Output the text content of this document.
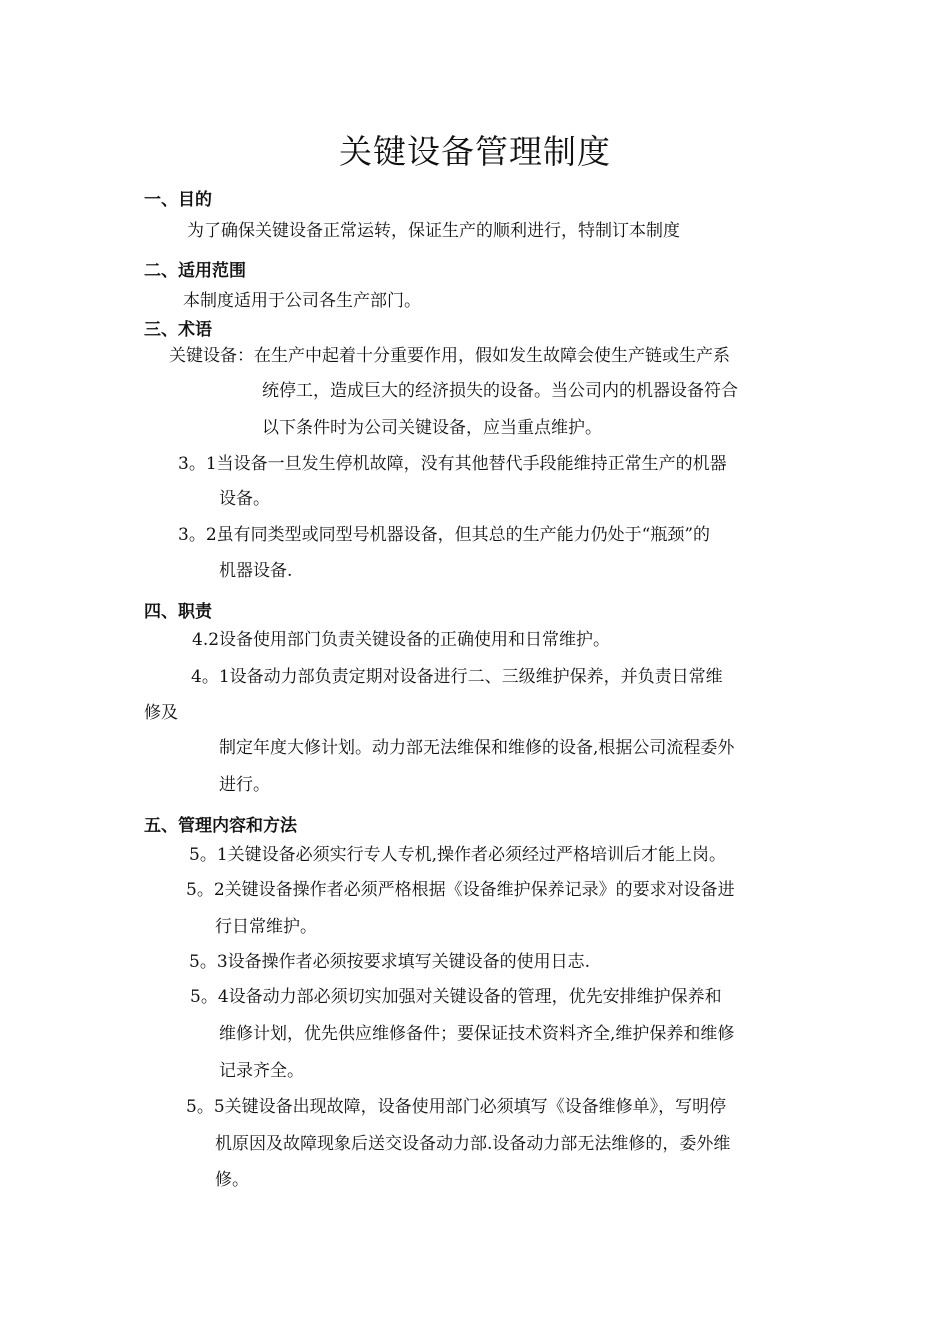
关键设备管理制度
一、目的
为了确保关键设备正常运转，保证生产的顺利进行，特制订本制度
二、适用范围
本制度适用于公司各生产部门。
三、术语
关键设备：在生产中起着十分重要作用，假如发生故障会使生产链或生产系
统停工，造成巨大的经济损失的设备。当公司内的机器设备符合
以下条件时为公司关键设备，应当重点维护。
3。1当设备一旦发生停机故障，没有其他替代手段能维持正常生产的机器
设备。
3。2虽有同类型或同型号机器设备，但其总的生产能力仍处于“瓶颈”的
机器设备.
四、职责
4.2设备使用部门负责关键设备的正确使用和日常维护。
4。1设备动力部负责定期对设备进行二、三级维护保养，并负责日常维
修及
制定年度大修计划。动力部无法维保和维修的设备,根据公司流程委外
进行。
五、管理内容和方法
5。1关键设备必须实行专人专机,操作者必须经过严格培训后才能上岗。
5。2关键设备操作者必须严格根据《设备维护保养记录》的要求对设备进
行日常维护。
5。3设备操作者必须按要求填写关键设备的使用日志.
5。4设备动力部必须切实加强对关键设备的管理，优先安排维护保养和
维修计划，优先供应维修备件；要保证技术资料齐全,维护保养和维修
记录齐全。
5。5关键设备出现故障，设备使用部门必须填写《设备维修单》，写明停
机原因及故障现象后送交设备动力部.设备动力部无法维修的，委外维
修。
